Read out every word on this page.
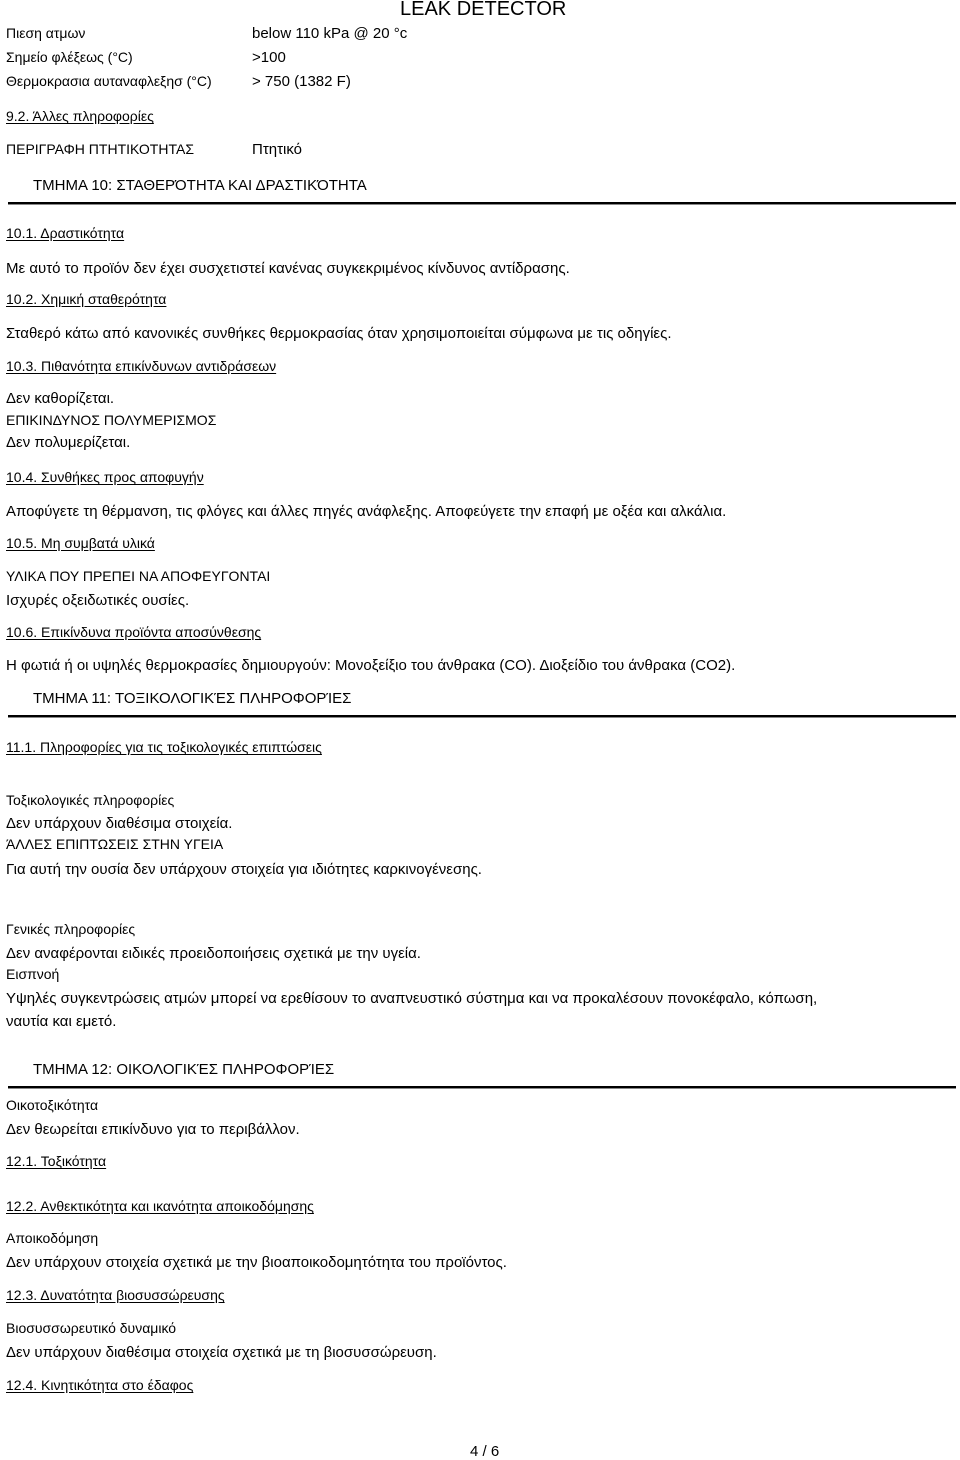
LEAK DETECTOR
Πιεση ατμων	below 110 kPa @ 20 °c
Σημείο φλέξεως (°C)	>100
Θερμοκρασια αυταναφλεξησ (°C)	> 750 (1382 F)
9.2. Άλλες πληροφορίες
ΠΕΡΙΓΡΑΦΗ ΠΤΗΤΙΚΟΤΗΤΑΣ	Πτητικό
ΤΜΗΜΑ 10: ΣΤΑΘΕΡΌΤΗΤΑ ΚΑΙ ΔΡΑΣΤΙΚΌΤΗΤΑ
10.1. Δραστικότητα
Με αυτό το προϊόν δεν έχει συσχετιστεί κανένας συγκεκριμένος κίνδυνος αντίδρασης.
10.2. Χημική σταθερότητα
Σταθερό κάτω από κανονικές συνθήκες θερμοκρασίας όταν χρησιμοποιείται σύμφωνα με τις οδηγίες.
10.3. Πιθανότητα επικίνδυνων αντιδράσεων
Δεν καθορίζεται.
ΕΠΙΚΙΝΔΥΝΟΣ ΠΟΛΥΜΕΡΙΣΜΟΣ
Δεν πολυμερίζεται.
10.4. Συνθήκες προς αποφυγήν
Αποφύγετε τη θέρμανση, τις φλόγες και άλλες πηγές ανάφλεξης. Αποφεύγετε την επαφή με οξέα και αλκάλια.
10.5. Μη συμβατά υλικά
ΥΛΙΚΑ ΠΟΥ ΠΡΕΠΕΙ ΝΑ ΑΠΟΦΕΥΓΟΝΤΑΙ
Ισχυρές οξειδωτικές ουσίες.
10.6. Επικίνδυνα προϊόντα αποσύνθεσης
Η φωτιά ή οι υψηλές θερμοκρασίες δημιουργούν: Μονοξείξιο του άνθρακα (CO). Διοξείδιο του άνθρακα (CO2).
ΤΜΗΜΑ 11: ΤΟΞΙΚΟΛΟΓΙΚΈΣ ΠΛΗΡΟΦΟΡΊΕΣ
11.1. Πληροφορίες για τις τοξικολογικές επιπτώσεις
Τοξικολογικές πληροφορίες
Δεν υπάρχουν διαθέσιμα στοιχεία.
ΆΛΛΕΣ ΕΠΙΠΤΩΣΕΙΣ ΣΤΗΝ ΥΓΕΙΑ
Για αυτή την ουσία δεν υπάρχουν στοιχεία για ιδιότητες καρκινογένεσης.
Γενικές πληροφορίες
Δεν αναφέρονται ειδικές προειδοποιήσεις σχετικά με την υγεία.
Εισπνοή
Υψηλές συγκεντρώσεις ατμών μπορεί να ερεθίσουν το αναπνευστικό σύστημα και να προκαλέσουν πονοκέφαλο, κόπωση,
ναυτία και εμετό.
ΤΜΗΜΑ 12: ΟΙΚΟΛΟΓΙΚΈΣ ΠΛΗΡΟΦΟΡΊΕΣ
Οικοτοξικότητα
Δεν θεωρείται επικίνδυνο για το περιβάλλον.
12.1. Τοξικότητα
12.2. Ανθεκτικότητα και ικανότητα αποικοδόμησης
Αποικοδόμηση
Δεν υπάρχουν στοιχεία σχετικά με την βιοαποικοδομητότητα του προϊόντος.
12.3. Δυνατότητα βιοσυσσώρευσης
Βιοσυσσωρευτικό δυναμικό
Δεν υπάρχουν διαθέσιμα στοιχεία σχετικά με τη βιοσυσσώρευση.
12.4. Κινητικότητα στο έδαφος
4 / 6
